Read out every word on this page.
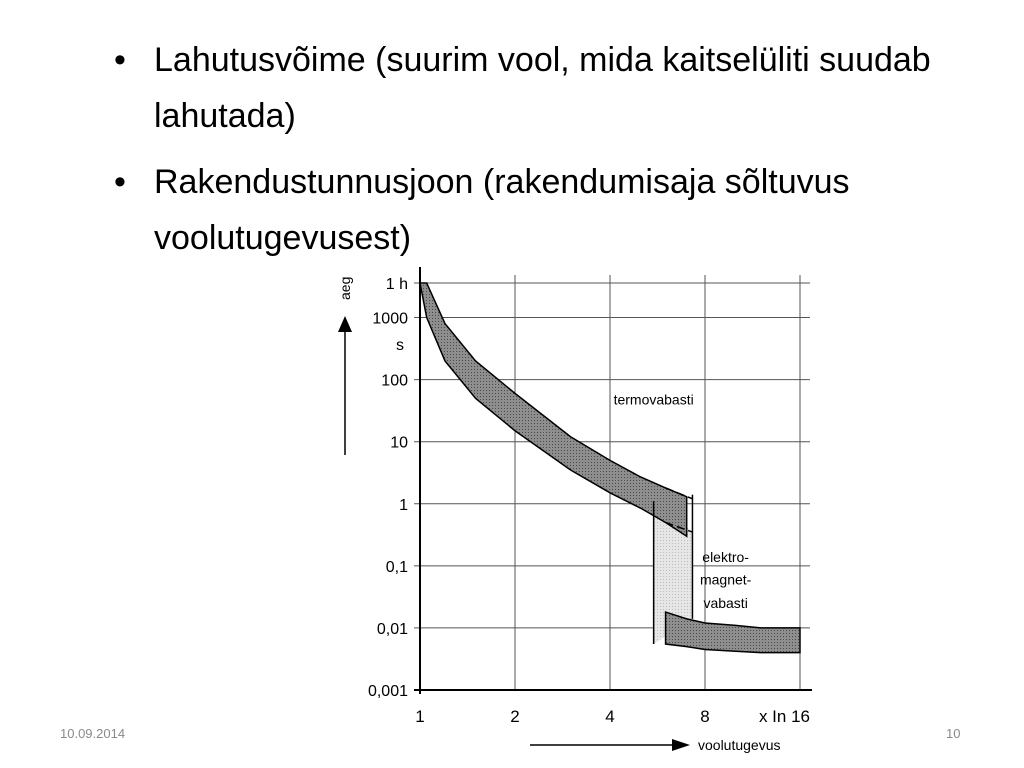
• Lahutusvõime (suurim vool, mida kaitselüliti suudab lahutada)
• Rakendustunnusjoon (rakendumisaja sõltuvus voolutugevusest)
1 h
1000
100
10
1
0,1
0,01
0,001
s
1	2	4	8	x In 16
aeg
voolutugevus
termovabasti
elektro-
magnet-
vabasti
10.09.2014	10
